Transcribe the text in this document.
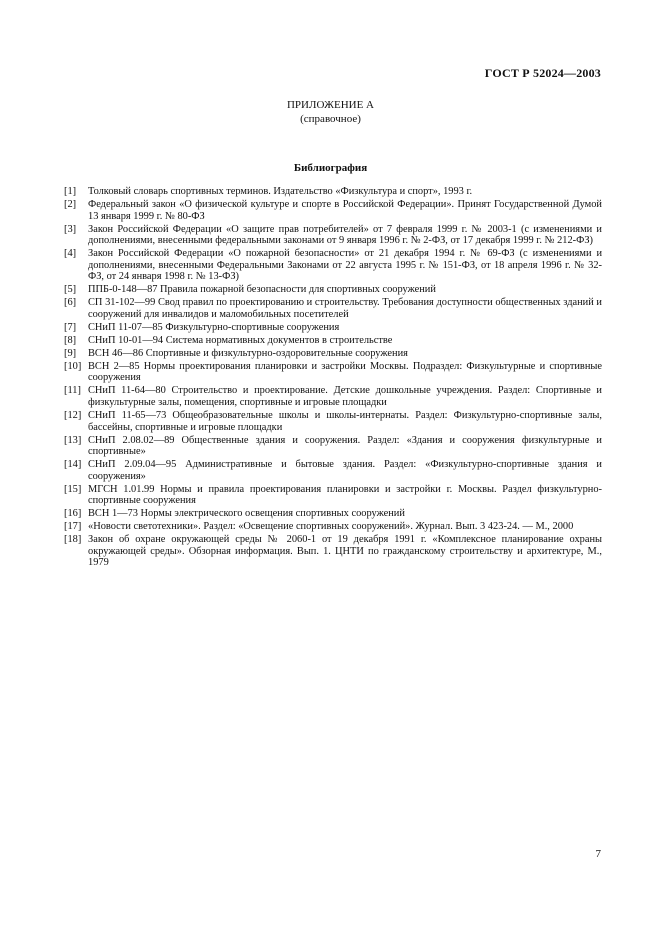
ГОСТ Р 52024—2003
ПРИЛОЖЕНИЕ А
(справочное)
Библиография
[1] Толковый словарь спортивных терминов. Издательство «Физкультура и спорт», 1993 г.
[2] Федеральный закон «О физической культуре и спорте в Российской Федерации». Принят Государственной Думой 13 января 1999 г. № 80-ФЗ
[3] Закон Российской Федерации «О защите прав потребителей» от 7 февраля 1999 г. № 2003-1 (с изменениями и дополнениями, внесенными федеральными законами от 9 января 1996 г. № 2-ФЗ, от 17 декабря 1999 г. № 212-ФЗ)
[4] Закон Российской Федерации «О пожарной безопасности» от 21 декабря 1994 г. № 69-ФЗ (с изменениями и дополнениями, внесенными Федеральными Законами от 22 августа 1995 г. № 151-ФЗ, от 18 апреля 1996 г. № 32-ФЗ, от 24 января 1998 г. № 13-ФЗ)
[5] ППБ-0-148—87 Правила пожарной безопасности для спортивных сооружений
[6] СП 31-102—99 Свод правил по проектированию и строительству. Требования доступности общественных зданий и сооружений для инвалидов и маломобильных посетителей
[7] СНиП 11-07—85 Физкультурно-спортивные сооружения
[8] СНиП 10-01—94 Система нормативных документов в строительстве
[9] ВСН 46—86 Спортивные и физкультурно-оздоровительные сооружения
[10] ВСН 2—85 Нормы проектирования планировки и застройки Москвы. Подраздел: Физкультурные и спортивные сооружения
[11] СНиП 11-64—80 Строительство и проектирование. Детские дошкольные учреждения. Раздел: Спортивные и физкультурные залы, помещения, спортивные и игровые площадки
[12] СНиП 11-65—73 Общеобразовательные школы и школы-интернаты. Раздел: Физкультурно-спортивные залы, бассейны, спортивные и игровые площадки
[13] СНиП 2.08.02—89 Общественные здания и сооружения. Раздел: «Здания и сооружения физкультурные и спортивные»
[14] СНиП 2.09.04—95 Административные и бытовые здания. Раздел: «Физкультурно-спортивные здания и сооружения»
[15] МГСН 1.01.99 Нормы и правила проектирования планировки и застройки г. Москвы. Раздел физкультурно-спортивные сооружения
[16] ВСН 1—73 Нормы электрического освещения спортивных сооружений
[17] «Новости светотехники». Раздел: «Освещение спортивных сооружений». Журнал. Вып. 3 423-24. — М., 2000
[18] Закон об охране окружающей среды № 2060-1 от 19 декабря 1991 г. «Комплексное планирование охраны окружающей среды». Обзорная информация. Вып. 1. ЦНТИ по гражданскому строительству и архитектуре, М., 1979
7
